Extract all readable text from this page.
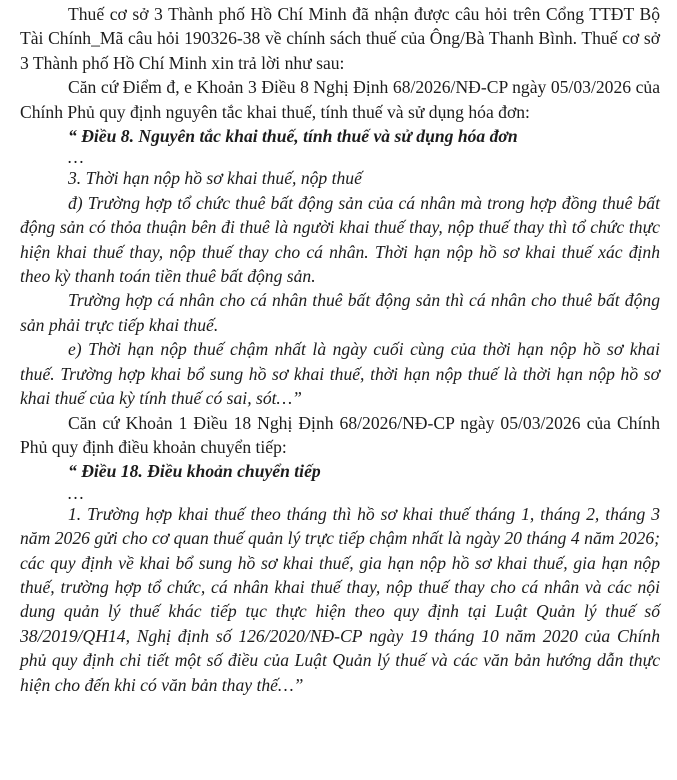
Thuế cơ sở 3 Thành phố Hồ Chí Minh đã nhận được câu hỏi trên Cổng TTĐT Bộ Tài Chính_Mã câu hỏi 190326-38 về chính sách thuế của Ông/Bà Thanh Bình. Thuế cơ sở 3 Thành phố Hồ Chí Minh xin trả lời như sau:

Căn cứ Điểm đ, e Khoản 3 Điều 8 Nghị Định 68/2026/NĐ-CP ngày 05/03/2026 của Chính Phủ quy định nguyên tắc khai thuế, tính thuế và sử dụng hóa đơn:

“ Điều 8. Nguyên tắc khai thuế, tính thuế và sử dụng hóa đơn

…

3. Thời hạn nộp hồ sơ khai thuế, nộp thuế

đ) Trường hợp tổ chức thuê bất động sản của cá nhân mà trong hợp đồng thuê bất động sản có thỏa thuận bên đi thuê là người khai thuế thay, nộp thuế thay thì tổ chức thực hiện khai thuế thay, nộp thuế thay cho cá nhân. Thời hạn nộp hồ sơ khai thuế xác định theo kỳ thanh toán tiền thuê bất động sản.

Trường hợp cá nhân cho cá nhân thuê bất động sản thì cá nhân cho thuê bất động sản phải trực tiếp khai thuế.

e) Thời hạn nộp thuế chậm nhất là ngày cuối cùng của thời hạn nộp hồ sơ khai thuế. Trường hợp khai bổ sung hồ sơ khai thuế, thời hạn nộp thuế là thời hạn nộp hồ sơ khai thuế của kỳ tính thuế có sai, sót…”

Căn cứ Khoản 1 Điều 18 Nghị Định 68/2026/NĐ-CP ngày 05/03/2026 của Chính Phủ quy định điều khoản chuyển tiếp:

“ Điều 18. Điều khoản chuyển tiếp

…

1. Trường hợp khai thuế theo tháng thì hồ sơ khai thuế tháng 1, tháng 2, tháng 3 năm 2026 gửi cho cơ quan thuế quản lý trực tiếp chậm nhất là ngày 20 tháng 4 năm 2026; các quy định về khai bổ sung hồ sơ khai thuế, gia hạn nộp hồ sơ khai thuế, gia hạn nộp thuế, trường hợp tổ chức, cá nhân khai thuế thay, nộp thuế thay cho cá nhân và các nội dung quản lý thuế khác tiếp tục thực hiện theo quy định tại Luật Quản lý thuế số 38/2019/QH14, Nghị định số 126/2020/NĐ-CP ngày 19 tháng 10 năm 2020 của Chính phủ quy định chi tiết một số điều của Luật Quản lý thuế và các văn bản hướng dẫn thực hiện cho đến khi có văn bản thay thế…”
